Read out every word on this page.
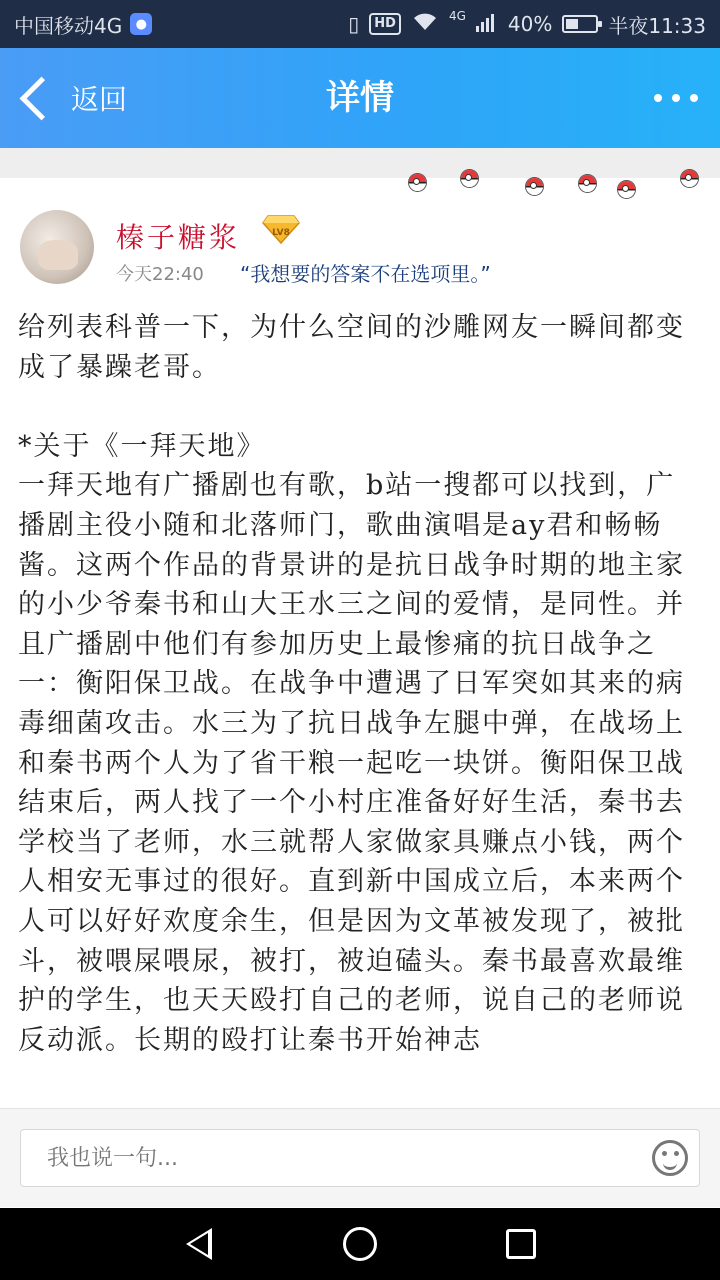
中国移动4G	●	▯	HD	4G 40%	半夜11:33
返回	详情
榛子糖浆	LV8
今天22:40 “我想要的答案不在选项里。”
给列表科普一下，为什么空间的沙雕网友一瞬间都变成了暴躁老哥。

*关于《一拜天地》
一拜天地有广播剧也有歌，b站一搜都可以找到，广播剧主役小随和北落师门，歌曲演唱是ay君和畅畅酱。这两个作品的背景讲的是抗日战争时期的地主家的小少爷秦书和山大王水三之间的爱情，是同性。并且广播剧中他们有参加历史上最惨痛的抗日战争之一：衡阳保卫战。在战争中遭遇了日军突如其来的病毒细菌攻击。水三为了抗日战争左腿中弹，在战场上和秦书两个人为了省干粮一起吃一块饼。衡阳保卫战结束后，两人找了一个小村庄准备好好生活，秦书去学校当了老师，水三就帮人家做家具赚点小钱，两个人相安无事过的很好。直到新中国成立后，本来两个人可以好好欢度余生，但是因为文革被发现了，被批斗，被喂屎喂尿，被打，被迫磕头。秦书最喜欢最维护的学生，也天天殴打自己的老师，说自己的老师说反动派。长期的殴打让秦书开始神志
我也说一句...
